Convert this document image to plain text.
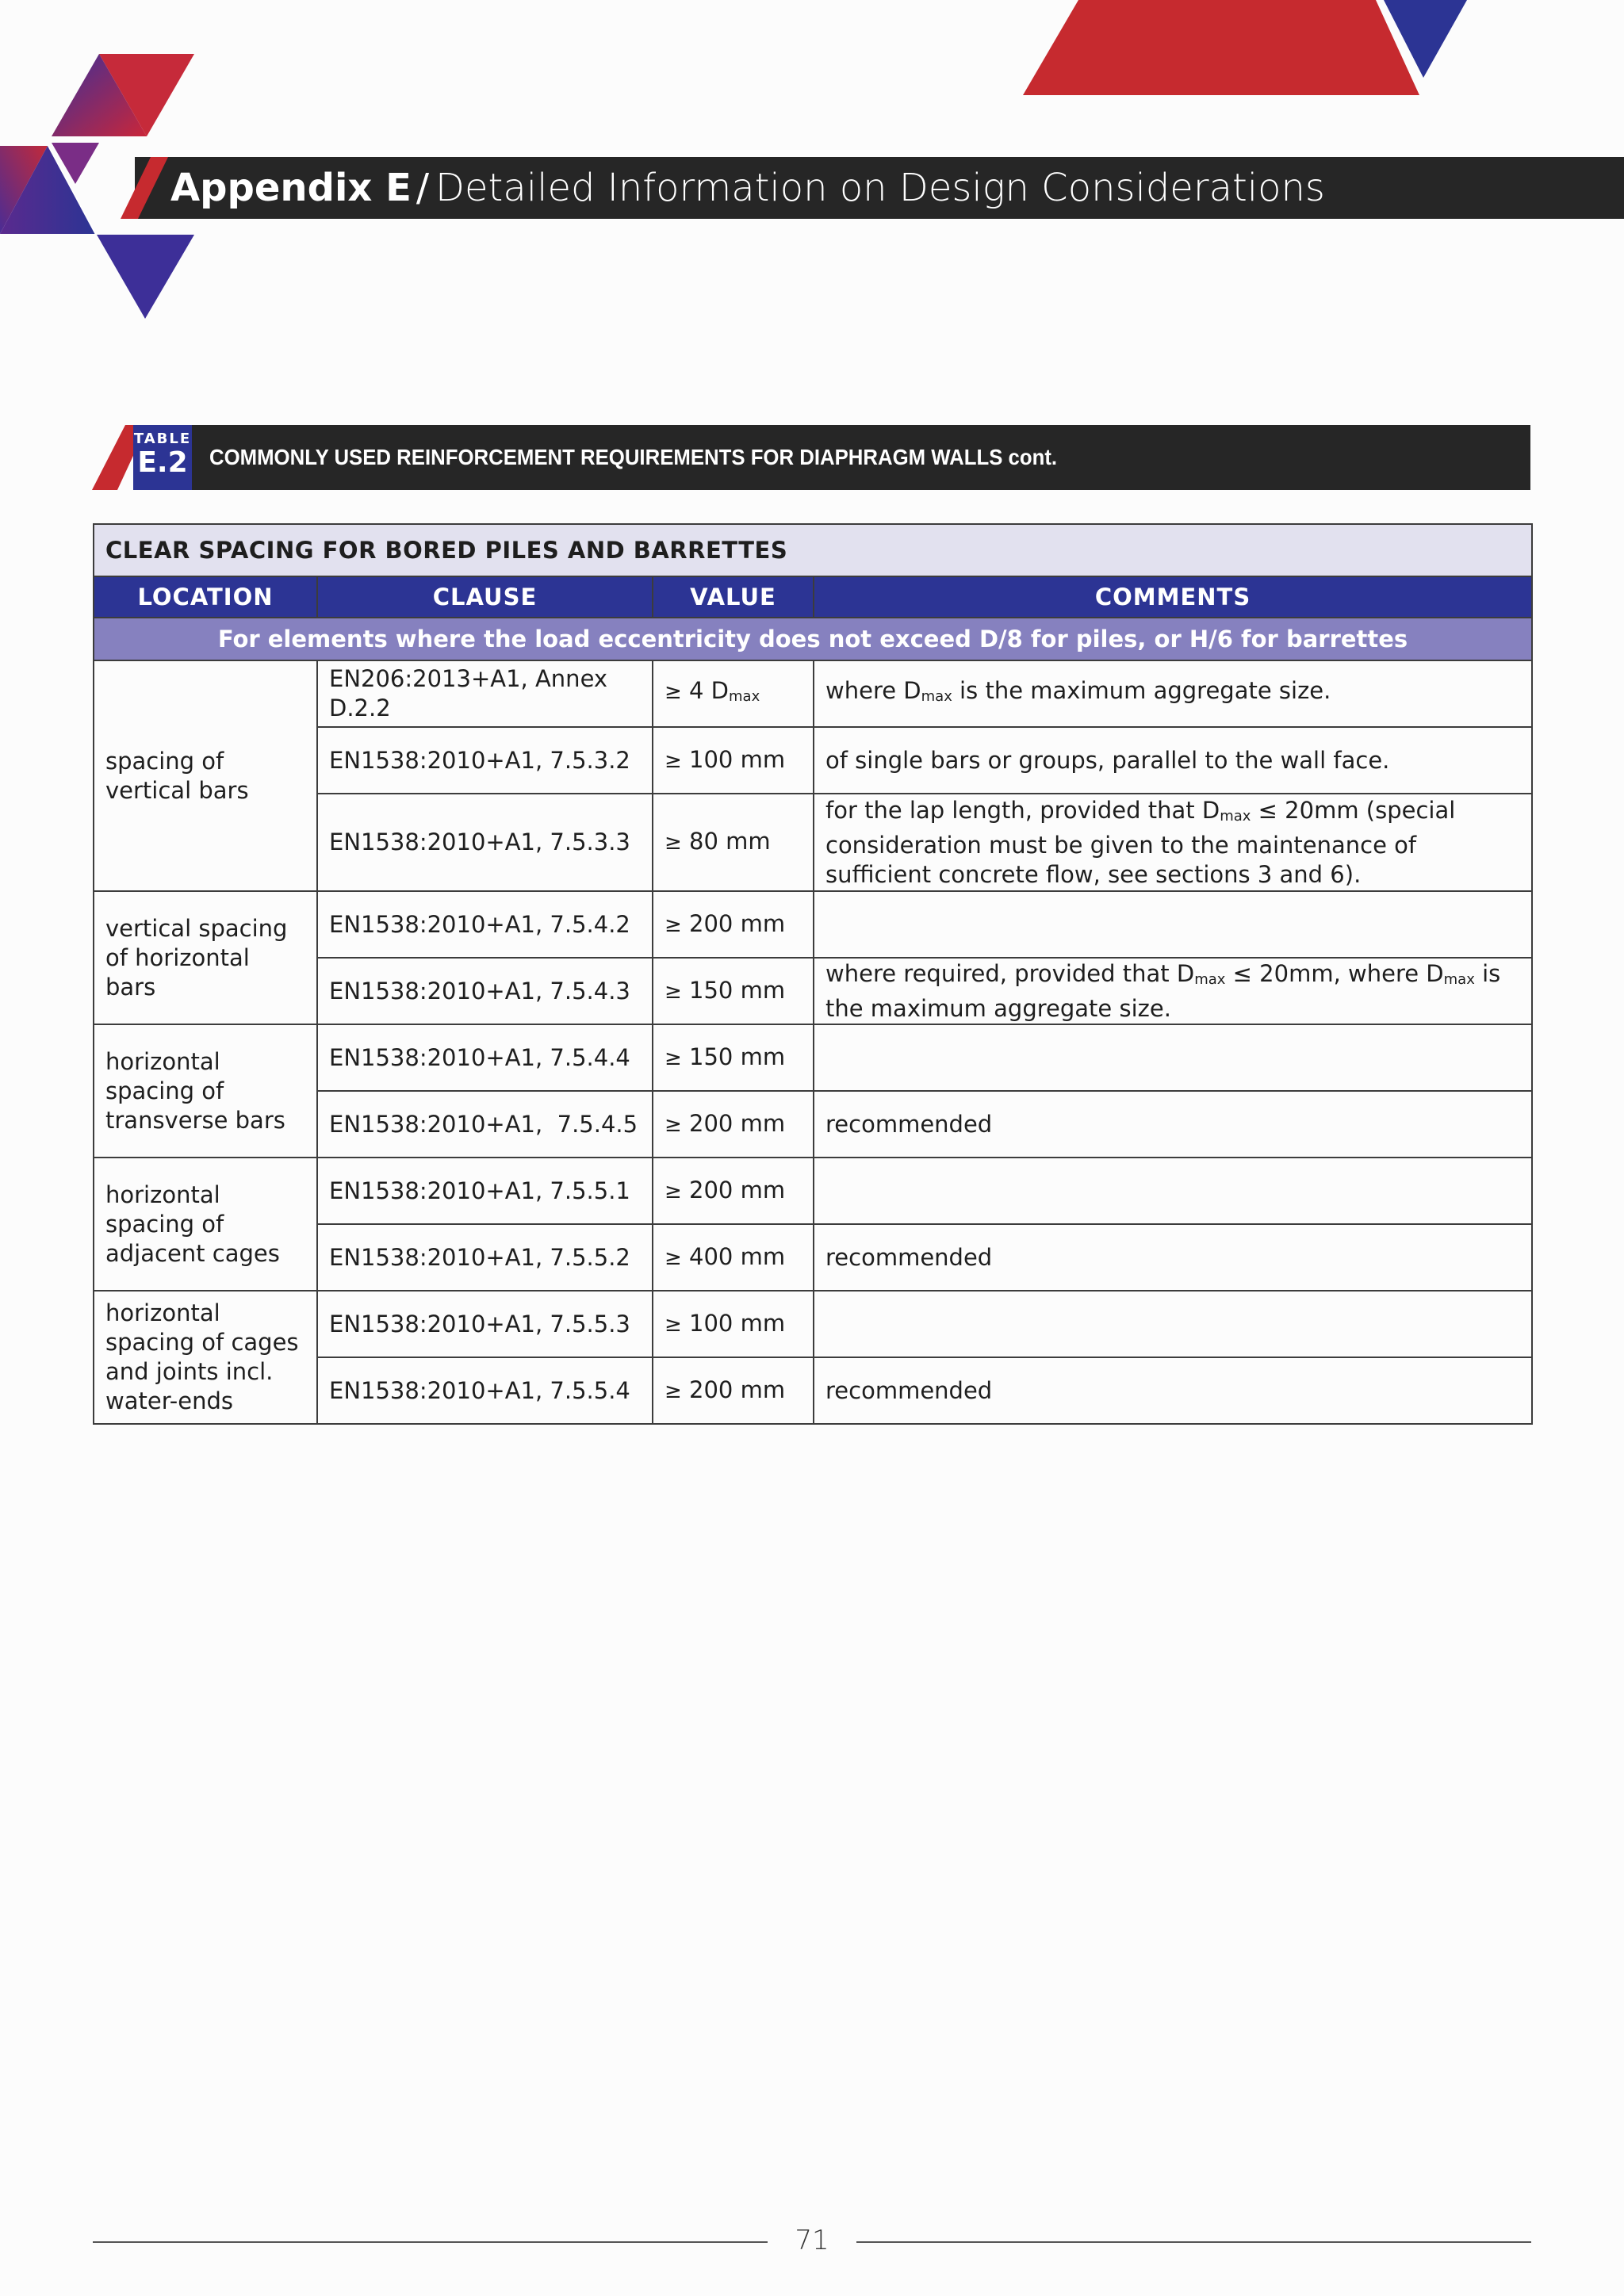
Appendix E / Detailed Information on Design Considerations
TABLE
E.2 COMMONLY USED REINFORCEMENT REQUIREMENTS FOR DIAPHRAGM WALLS cont.
CLEAR SPACING FOR BORED PILES AND BARRETTES			
LOCATION	CLAUSE	VALUE	COMMENTS
For elements where the load eccentricity does not exceed D/8 for piles, or H/6 for barrettes			
spacing of vertical bars	EN206:2013+A1, Annex D.2.2	≥ 4 $D_{max}$	where $D_{max}$ is the maximum aggregate size.
	EN1538:2010+A1, 7.5.3.2	≥ 100 mm	of single bars or groups, parallel to the wall face.
	EN1538:2010+A1, 7.5.3.3	≥ 80 mm	for the lap length, provided that $D_{max} \le 20mm$ (special consideration must be given to the maintenance of sufficient concrete flow, see sections 3 and 6).
vertical spacing of horizontal bars	EN1538:2010+A1, 7.5.4.2	≥ 200 mm	
	EN1538:2010+A1, 7.5.4.3	≥ 150 mm	where required, provided that $D_{max} \le 20mm$, where $D_{max}$ is the maximum aggregate size.
horizontal spacing of transverse bars	EN1538:2010+A1, 7.5.4.4	≥ 150 mm	
	EN1538:2010+A1,  7.5.4.5	≥ 200 mm	recommended
horizontal spacing of adjacent cages	EN1538:2010+A1, 7.5.5.1	≥ 200 mm	
	EN1538:2010+A1, 7.5.5.2	≥ 400 mm	recommended
horizontal spacing of cages and joints incl. water-ends	EN1538:2010+A1, 7.5.5.3	≥ 100 mm	
	EN1538:2010+A1, 7.5.5.4	≥ 200 mm	recommended
71
